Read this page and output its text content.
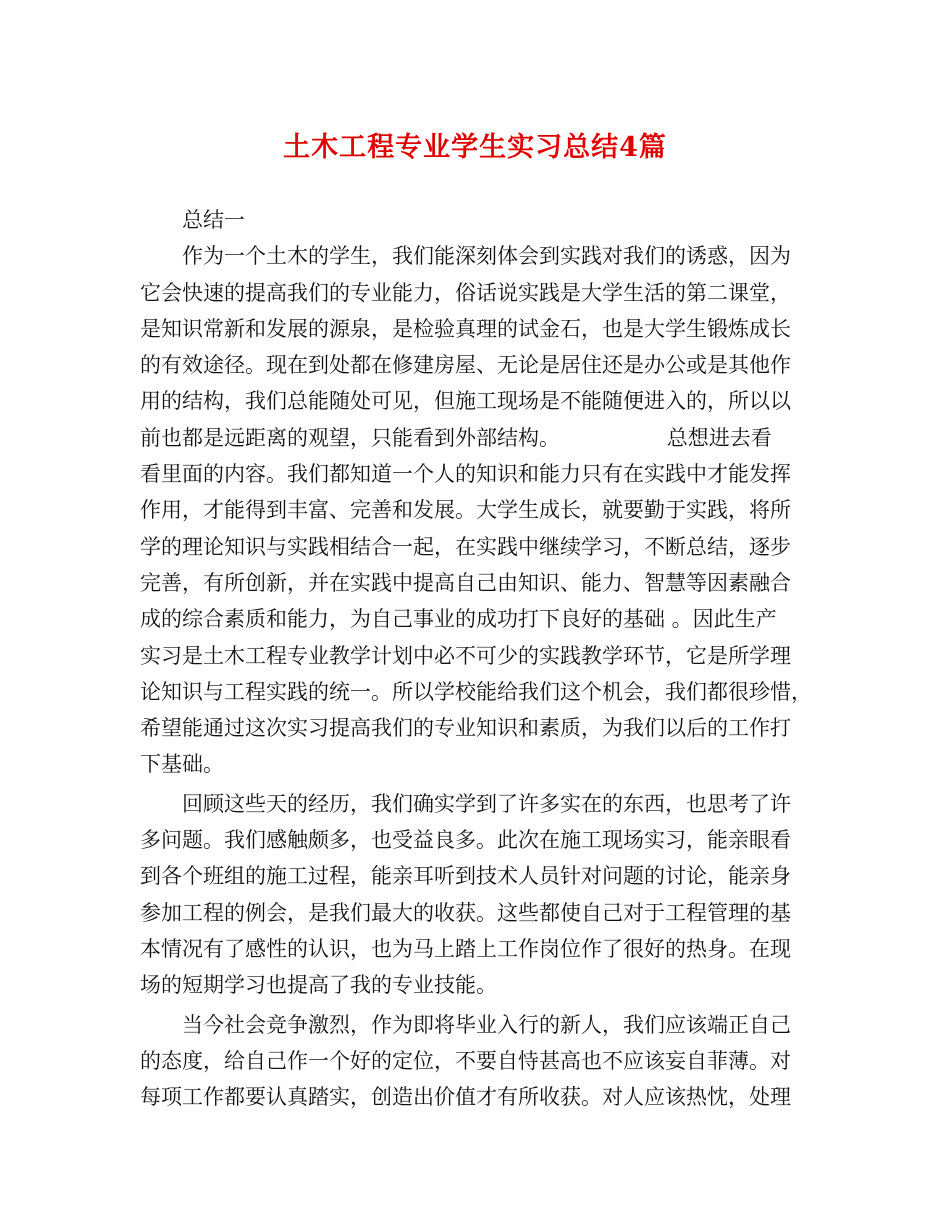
土木工程专业学生实习总结4篇
总结一
作为一个土木的学生，我们能深刻体会到实践对我们的诱惑，因为
它会快速的提高我们的专业能力，俗话说实践是大学生活的第二课堂，
是知识常新和发展的源泉，是检验真理的试金石，也是大学生锻炼成长
的有效途径。现在到处都在修建房屋、无论是居住还是办公或是其他作
用的结构，我们总能随处可见，但施工现场是不能随便进入的，所以以
前也都是远距离的观望，只能看到外部结构。                总想进去看
看里面的内容。我们都知道一个人的知识和能力只有在实践中才能发挥
作用，才能得到丰富、完善和发展。大学生成长，就要勤于实践，将所
学的理论知识与实践相结合一起，在实践中继续学习，不断总结，逐步
完善，有所创新，并在实践中提高自己由知识、能力、智慧等因素融合
成的综合素质和能力，为自己事业的成功打下良好的基础 。因此生产
实习是土木工程专业教学计划中必不可少的实践教学环节，它是所学理
论知识与工程实践的统一。所以学校能给我们这个机会，我们都很珍惜，
希望能通过这次实习提高我们的专业知识和素质，为我们以后的工作打
下基础。
回顾这些天的经历，我们确实学到了许多实在的东西，也思考了许
多问题。我们感触颇多，也受益良多。此次在施工现场实习，能亲眼看
到各个班组的施工过程，能亲耳听到技术人员针对问题的讨论，能亲身
参加工程的例会，是我们最大的收获。这些都使自己对于工程管理的基
本情况有了感性的认识，也为马上踏上工作岗位作了很好的热身。在现
场的短期学习也提高了我的专业技能。
当今社会竞争激烈，作为即将毕业入行的新人，我们应该端正自己
的态度，给自己作一个好的定位，不要自恃甚高也不应该妄自菲薄。对
每项工作都要认真踏实，创造出价值才有所收获。对人应该热忱，处理
